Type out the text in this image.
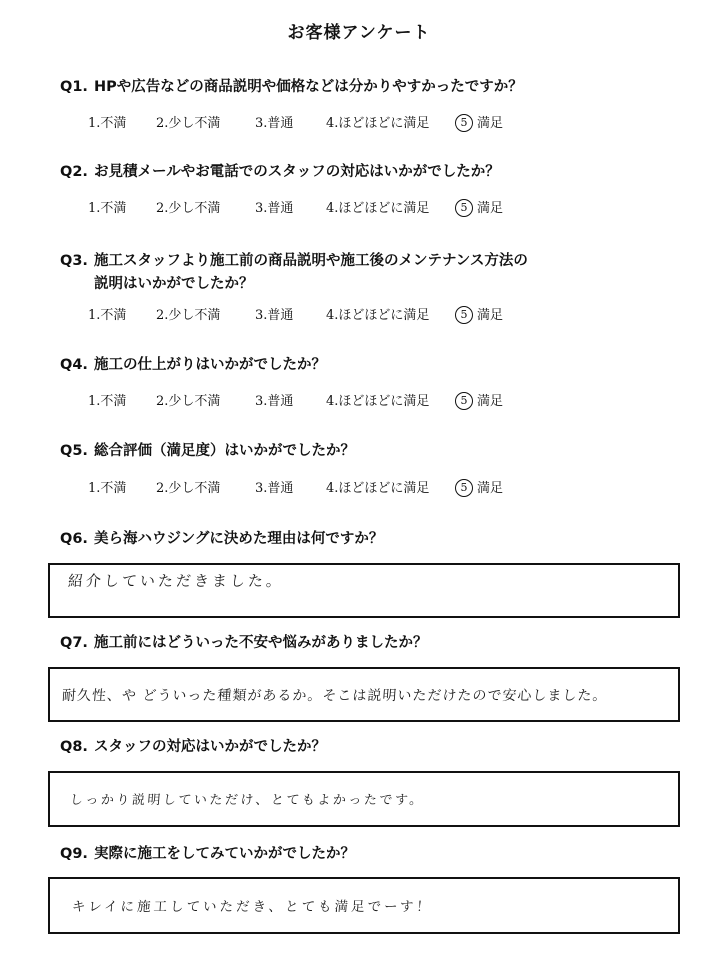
お客様アンケート
Q1. HPや広告などの商品説明や価格などは分かりやすかったですか？
1.不満 2.少し不満	3.普通	4.ほどほどに満足	5 満足
Q2. お見積メールやお電話でのスタッフの対応はいかがでしたか？
1.不満 2.少し不満	3.普通	4.ほどほどに満足	5 満足
Q3. 施工スタッフより施工前の商品説明や施工後のメンテナンス方法の
説明はいかがでしたか？
1.不満 2.少し不満	3.普通	4.ほどほどに満足	5 満足
Q4. 施工の仕上がりはいかがでしたか？
1.不満 2.少し不満	3.普通	4.ほどほどに満足	5 満足
Q5. 総合評価（満足度）はいかがでしたか？
1.不満 2.少し不満	3.普通	4.ほどほどに満足	5 満足
Q6. 美ら海ハウジングに決めた理由は何ですか？
紹介していただきました。
Q7. 施工前にはどういった不安や悩みがありましたか？
耐久性、や どういった種類があるか。そこは説明いただけたので安心しました。
Q8. スタッフの対応はいかがでしたか？
しっかり説明していただけ、とてもよかったです。
Q9. 実際に施工をしてみていかがでしたか？
キレイに施工していただき、とても満足でーす！
